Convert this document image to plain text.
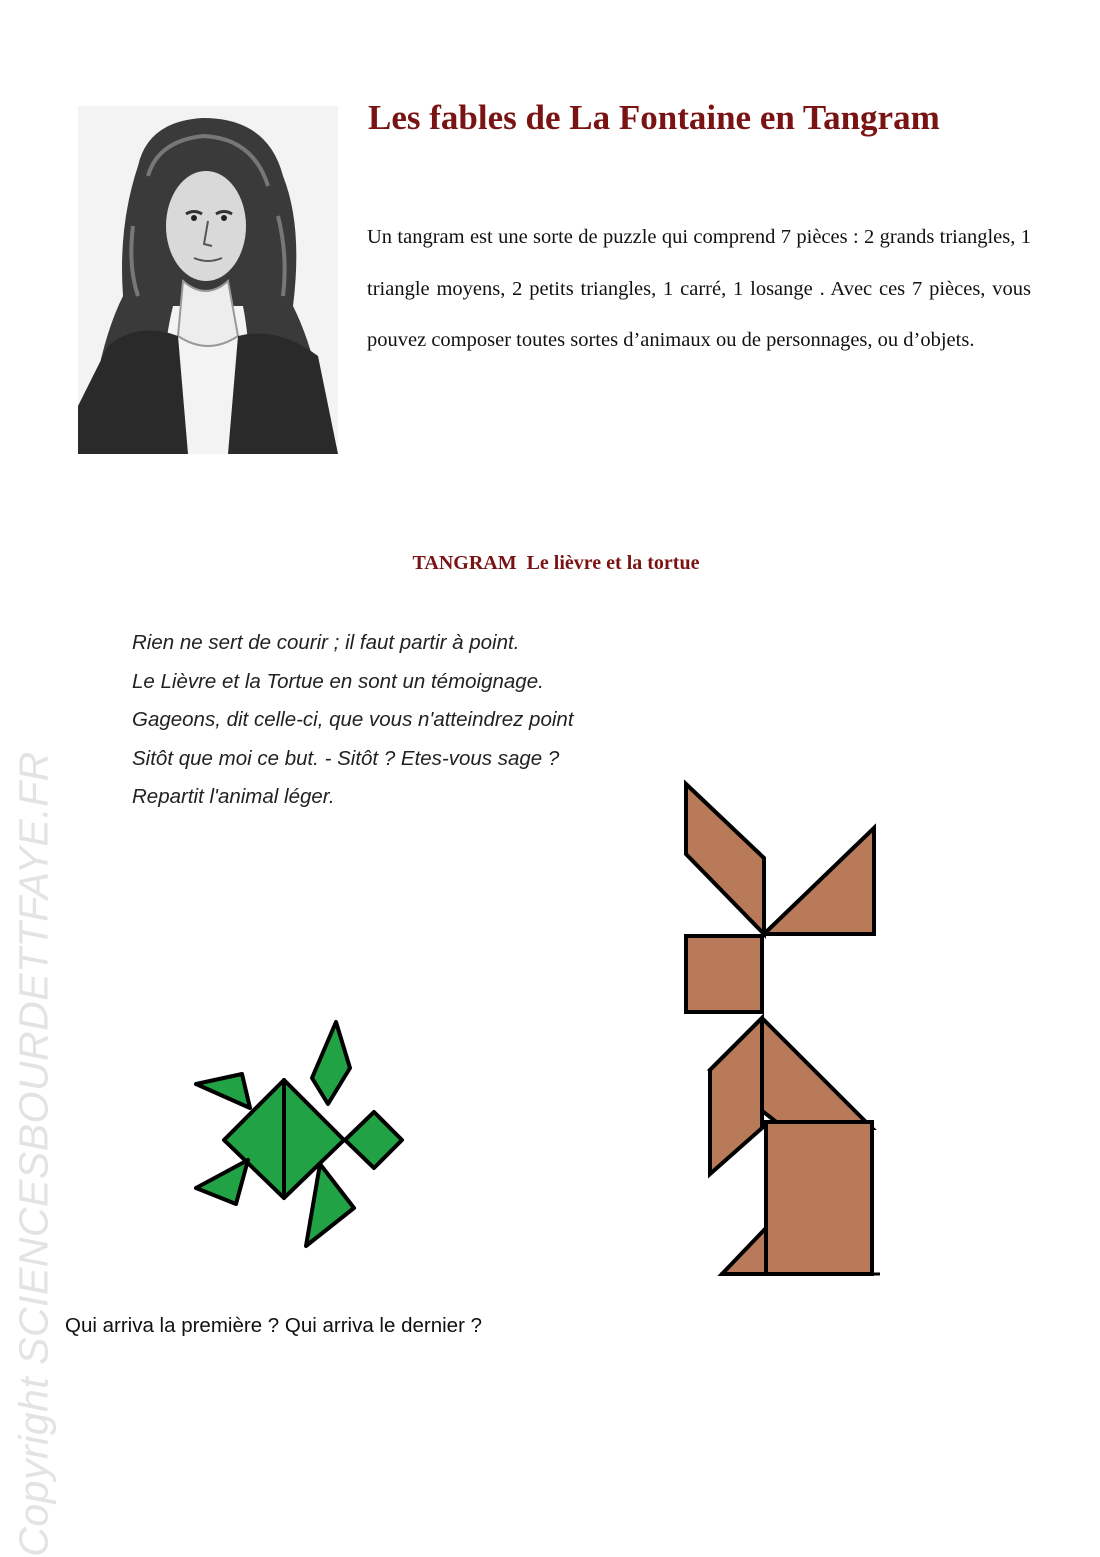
Les fables de La Fontaine en Tangram

Un tangram est une sorte de puzzle qui comprend 7 pièces : 2 grands triangles, 1 triangle moyens, 2 petits triangles, 1 carré, 1 losange . Avec ces 7 pièces, vous pouvez composer toutes sortes d’animaux ou de personnages, ou d’objets.

TANGRAM  Le lièvre et la tortue
Rien ne sert de courir ; il faut partir à point.
Le Lièvre et la Tortue en sont un témoignage.
Gageons, dit celle-ci, que vous n'atteindrez point
Sitôt que moi ce but. - Sitôt ? Etes-vous sage ?
Repartit l'animal léger.

Qui arriva la première ? Qui arriva le dernier ?

Copyright SCIENCESBOURDETTFAYE.FR
